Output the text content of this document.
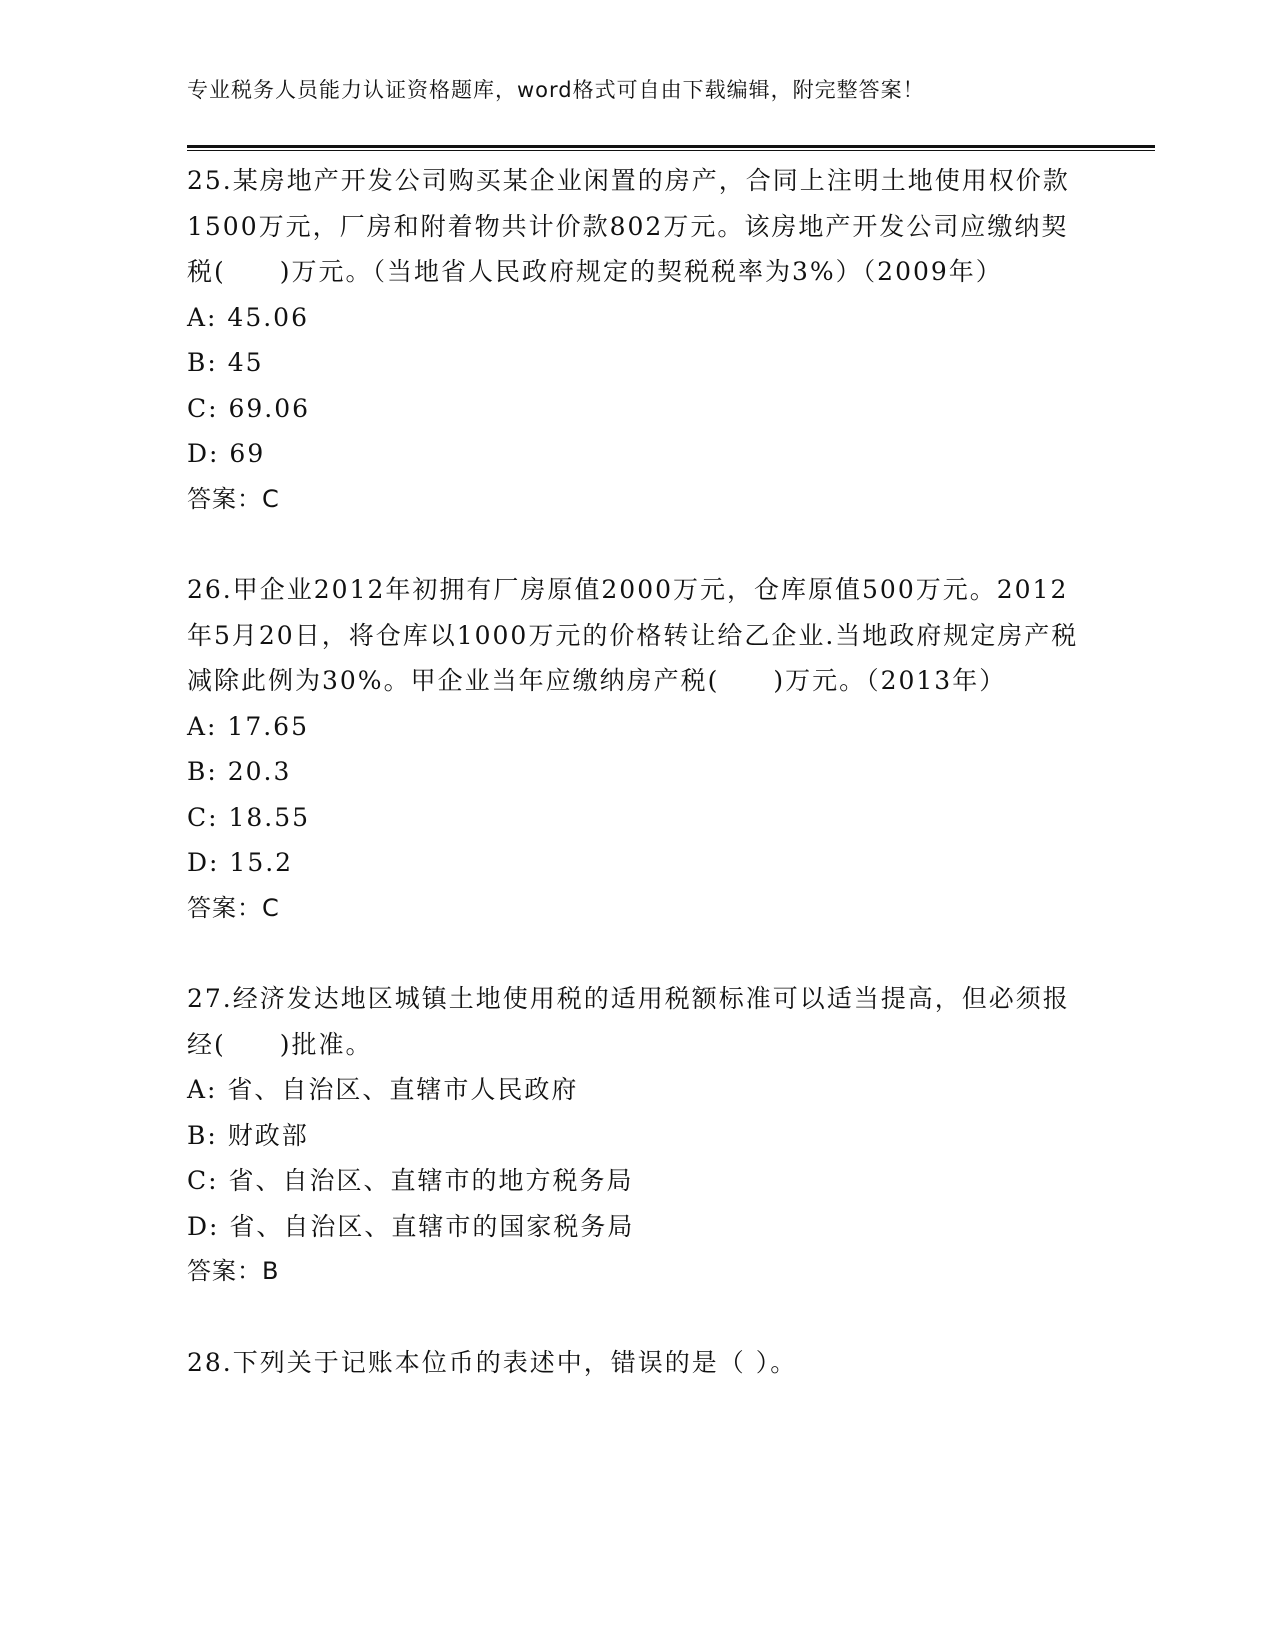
专业税务人员能力认证资格题库，word格式可自由下载编辑，附完整答案！

25.某房地产开发公司购买某企业闲置的房产，合同上注明土地使用权价款1500万元，厂房和附着物共计价款802万元。该房地产开发公司应缴纳契税(　　)万元。（当地省人民政府规定的契税税率为3%）（2009年）

A: 45.06

B: 45

C: 69.06

D: 69

答案：C

26.甲企业2012年初拥有厂房原值2000万元，仓库原值500万元。2012年5月20日，将仓库以1000万元的价格转让给乙企业.当地政府规定房产税减除此例为30%。甲企业当年应缴纳房产税(　　)万元。（2013年）

A: 17.65

B: 20.3

C: 18.55

D: 15.2

答案：C

27.经济发达地区城镇土地使用税的适用税额标准可以适当提高，但必须报经(　　)批准。

A: 省、自治区、直辖市人民政府

B: 财政部

C: 省、自治区、直辖市的地方税务局

D: 省、自治区、直辖市的国家税务局

答案：B

28.下列关于记账本位币的表述中，错误的是（ ）。
